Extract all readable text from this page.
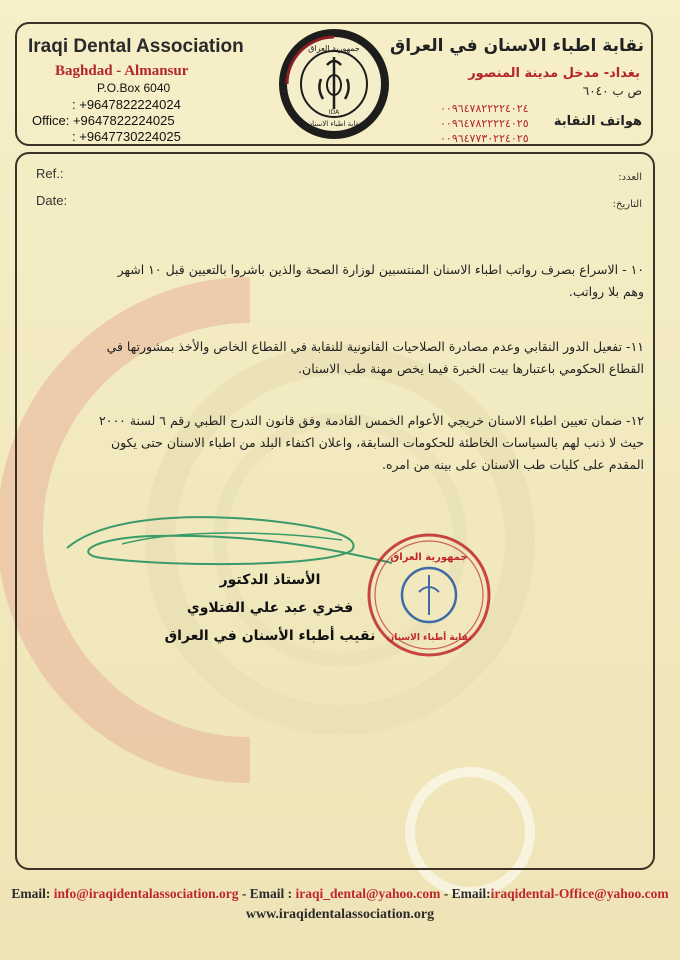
Iraqi Dental Association
Baghdad - Almansur
P.O.Box 6040
: +9647822224024
Office: +9647822224025
: +9647730224025
جمهورية العراق
نقابة اطباء الاسنان
IDA
نقابة اطباء الاسنان في العراق
بغداد- مدخل مدينة المنصور
ص ب ٦٠٤٠
٠٠٩٦٤٧٨٢٢٢٢٤٠٢٤
٠٠٩٦٤٧٨٢٢٢٢٤٠٢٥
٠٠٩٦٤٧٧٣٠٢٢٤٠٢٥
هواتف النقابة
Ref.:
Date:
العدد:
التاريخ:
١٠ - الاسراع بصرف رواتب اطباء الاسنان المنتسبين لوزارة الصحة والذين باشروا بالتعيين قبل ١٠ اشهر
وهم بلا رواتب.
١١- تفعيل الدور النقابي وعدم مصادرة الصلاحيات القانونية للنقابة في القطاع الخاص والأخذ بمشورتها في
القطاع الحكومي باعتبارها بيت الخبرة فيما يخص مهنة طب الاسنان.
١٢- ضمان تعيين اطباء الاسنان خريجي الأعوام الخمس القادمة وفق قانون التدرج الطبي رقم ٦ لسنة ٢٠٠٠
حيث لا ذنب لهم بالسياسات الخاطئة للحكومات السابقة، واعلان اكتفاء البلد من اطباء الاسنان حتى يكون
المقدم على كليات طب الاسنان على بينه من امره.
الأستاذ الدكتور
فخري عبد علي الفتلاوي
نقيب أطباء الأسنان في العراق
جمهورية العراق
نقابة أطباء الاسنان
Email: info@iraqidentalassociation.org - Email : iraqi_dental@yahoo.com - Email:iraqidental-Office@yahoo.com
www.iraqidentalassociation.org
